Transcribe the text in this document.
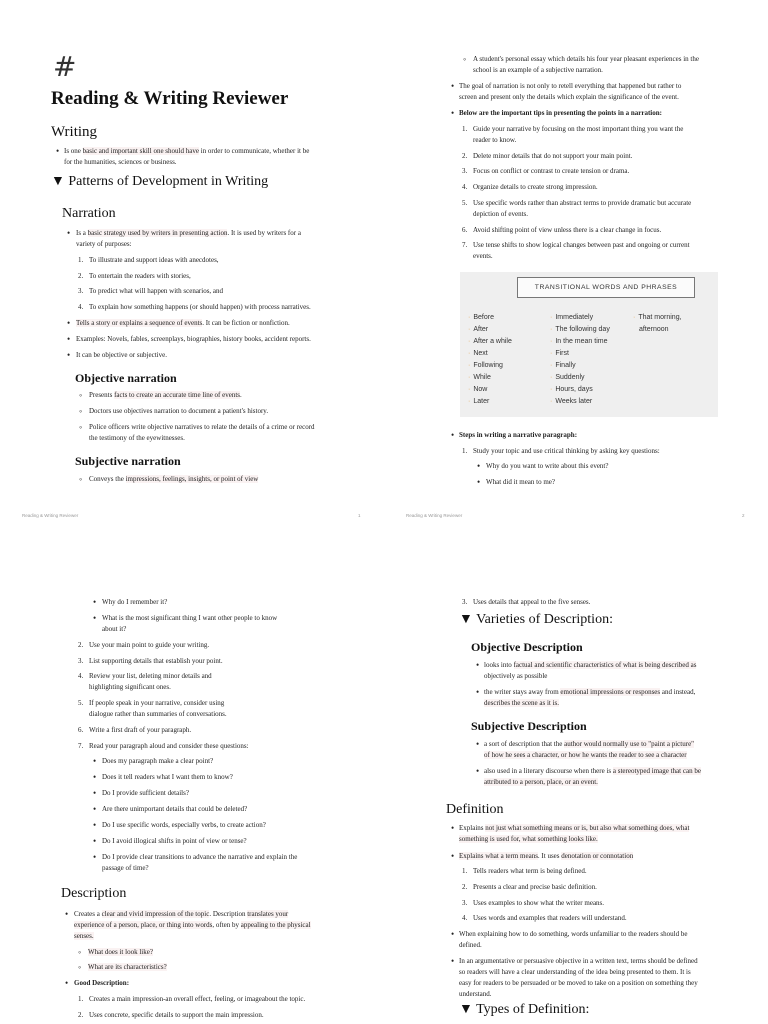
#
Reading & Writing Reviewer
Writing
• Is one basic and important skill one should have in order to communicate, whether it be
for the humanities, sciences or business.
▼ Patterns of Development in Writing
Narration
• Is a basic strategy used by writers in presenting action. It is used by writers for a
variety of purposes:
1. To illustrate and support ideas with anecdotes,
2. To entertain the readers with stories,
3. To predict what will happen with scenarios, and
4. To explain how something happens (or should happen) with process narratives.
• Tells a story or explains a sequence of events. It can be fiction or nonfiction.
• Examples: Novels, fables, screenplays, biographies, history books, accident reports.
• It can be objective or subjective.
Objective narration
◦ Presents facts to create an accurate time line of events.
◦ Doctors use objectives narration to document a patient's history.
◦ Police officers write objective narratives to relate the details of a crime or record
the testimony of the eyewitnesses.
Subjective narration
◦ Conveys the impressions, feelings, insights, or point of view
Reading & Writing Reviewer	1
◦ A student's personal essay which details his four year pleasant experiences in the
school is an example of a subjective narration.
• The goal of narration is not only to retell everything that happened but rather to
screen and present only the details which explain the significance of the event.
• Below are the important tips in presenting the points in a narration:
1. Guide your narrative by focusing on the most important thing you want the
reader to know.
2. Delete minor details that do not support your main point.
3. Focus on conflict or contrast to create tension or drama.
4. Organize details to create strong impression.
5. Use specific words rather than abstract terms to provide dramatic but accurate
depiction of events.
6. Avoid shifting point of view unless there is a clear change in focus.
7. Use tense shifts to show logical changes between past and ongoing or current
events.
TRANSITIONAL WORDS AND PHRASES
· Before
· After
· After a while
· Next
· Following
· While
· Now
· Later
· Immediately
· The following day
· In the mean time
· First
· Finally
· Suddenly
· Hours, days
· Weeks later
· That morning,
afternoon
• Steps in writing a narrative paragraph:
1. Study your topic and use critical thinking by asking key questions:
• Why do you want to write about this event?
• What did it mean to me?
Reading & Writing Reviewer	2
• Why do I remember it?
• What is the most significant thing I want other people to know
about it?
2. Use your main point to guide your writing.
3. List supporting details that establish your point.
4. Review your list, deleting minor details and
highlighting significant ones.
5. If people speak in your narrative, consider using
dialogue rather than summaries of conversations.
6. Write a first draft of your paragraph.
7. Read your paragraph aloud and consider these questions:
• Does my paragraph make a clear point?
• Does it tell readers what I want them to know?
• Do I provide sufficient details?
• Are there unimportant details that could be deleted?
• Do I use specific words, especially verbs, to create action?
• Do I avoid illogical shifts in point of view or tense?
• Do I provide clear transitions to advance the narrative and explain the
passage of time?
Description
• Creates a clear and vivid impression of the topic. Description translates your
experience of a person, place, or thing into words, often by appealing to the physical
senses.
◦ What does it look like?
◦ What are its characteristics?
• Good Description:
1. Creates a main impression-an overall effect, feeling, or imageabout the topic.
2. Uses concrete, specific details to support the main impression.
3. Uses details that appeal to the five senses.
▼ Varieties of Description:
Objective Description
• looks into factual and scientific characteristics of what is being described as
objectively as possible
• the writer stays away from emotional impressions or responses and instead,
describes the scene as it is.
Subjective Description
• a sort of description that the author would normally use to "paint a picture"
of how he sees a character, or how he wants the reader to see a character
• also used in a literary discourse when there is a stereotyped image that can be
attributed to a person, place, or an event.
Definition
• Explains not just what something means or is, but also what something does, what
something is used for, what something looks like.
• Explains what a term means. It uses denotation or connotation
1. Tells readers what term is being defined.
2. Presents a clear and precise basic definition.
3. Uses examples to show what the writer means.
4. Uses words and examples that readers will understand.
• When explaining how to do something, words unfamiliar to the readers should be
defined.
• In an argumentative or persuasive objective in a written text, terms should be defined
so readers will have a clear understanding of the idea being presented to them. It is
easy for readers to be persuaded or be moved to take on a position on something they
understand.
▼ Types of Definition:
